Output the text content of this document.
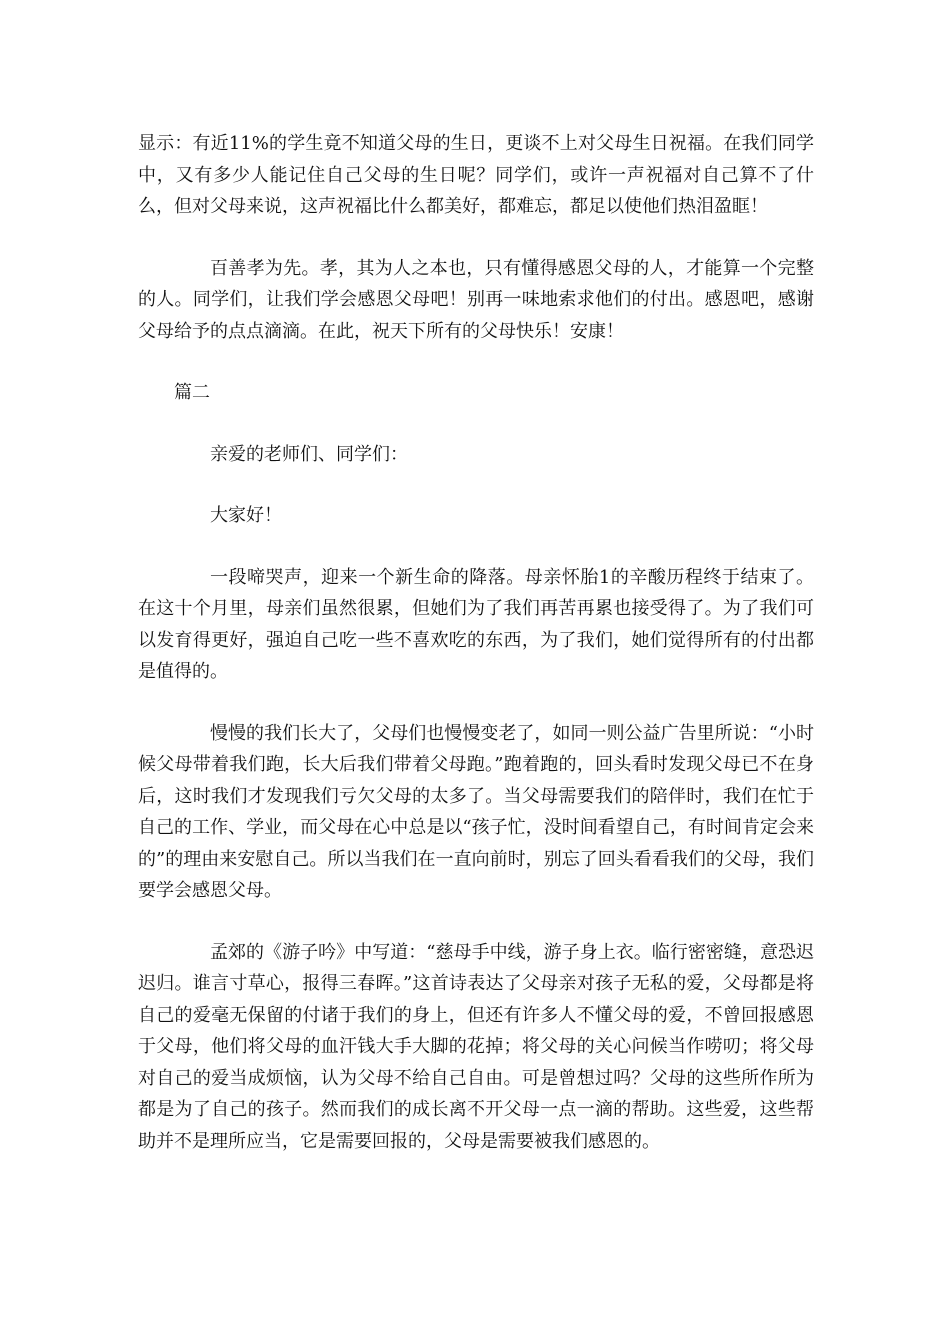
显示：有近11%的学生竟不知道父母的生日，更谈不上对父母生日祝福。在我们同学中，又有多少人能记住自己父母的生日呢？同学们，或许一声祝福对自己算不了什么，但对父母来说，这声祝福比什么都美好，都难忘，都足以使他们热泪盈眶！

百善孝为先。孝，其为人之本也，只有懂得感恩父母的人，才能算一个完整的人。同学们，让我们学会感恩父母吧！别再一味地索求他们的付出。感恩吧，感谢父母给予的点点滴滴。在此，祝天下所有的父母快乐！安康！

篇二

亲爱的老师们、同学们：

大家好！

一段啼哭声，迎来一个新生命的降落。母亲怀胎1的辛酸历程终于结束了。在这十个月里，母亲们虽然很累，但她们为了我们再苦再累也接受得了。为了我们可以发育得更好，强迫自己吃一些不喜欢吃的东西，为了我们，她们觉得所有的付出都是值得的。

慢慢的我们长大了，父母们也慢慢变老了，如同一则公益广告里所说：“小时候父母带着我们跑，长大后我们带着父母跑。”跑着跑的，回头看时发现父母已不在身后，这时我们才发现我们亏欠父母的太多了。当父母需要我们的陪伴时，我们在忙于自己的工作、学业，而父母在心中总是以“孩子忙，没时间看望自己，有时间肯定会来的”的理由来安慰自己。所以当我们在一直向前时，别忘了回头看看我们的父母，我们要学会感恩父母。

孟郊的《游子吟》中写道：“慈母手中线，游子身上衣。临行密密缝，意恐迟迟归。谁言寸草心，报得三春晖。”这首诗表达了父母亲对孩子无私的爱，父母都是将自己的爱毫无保留的付诸于我们的身上，但还有许多人不懂父母的爱，不曾回报感恩于父母，他们将父母的血汗钱大手大脚的花掉；将父母的关心问候当作唠叨；将父母对自己的爱当成烦恼，认为父母不给自己自由。可是曾想过吗？父母的这些所作所为都是为了自己的孩子。然而我们的成长离不开父母一点一滴的帮助。这些爱，这些帮助并不是理所应当，它是需要回报的，父母是需要被我们感恩的。
